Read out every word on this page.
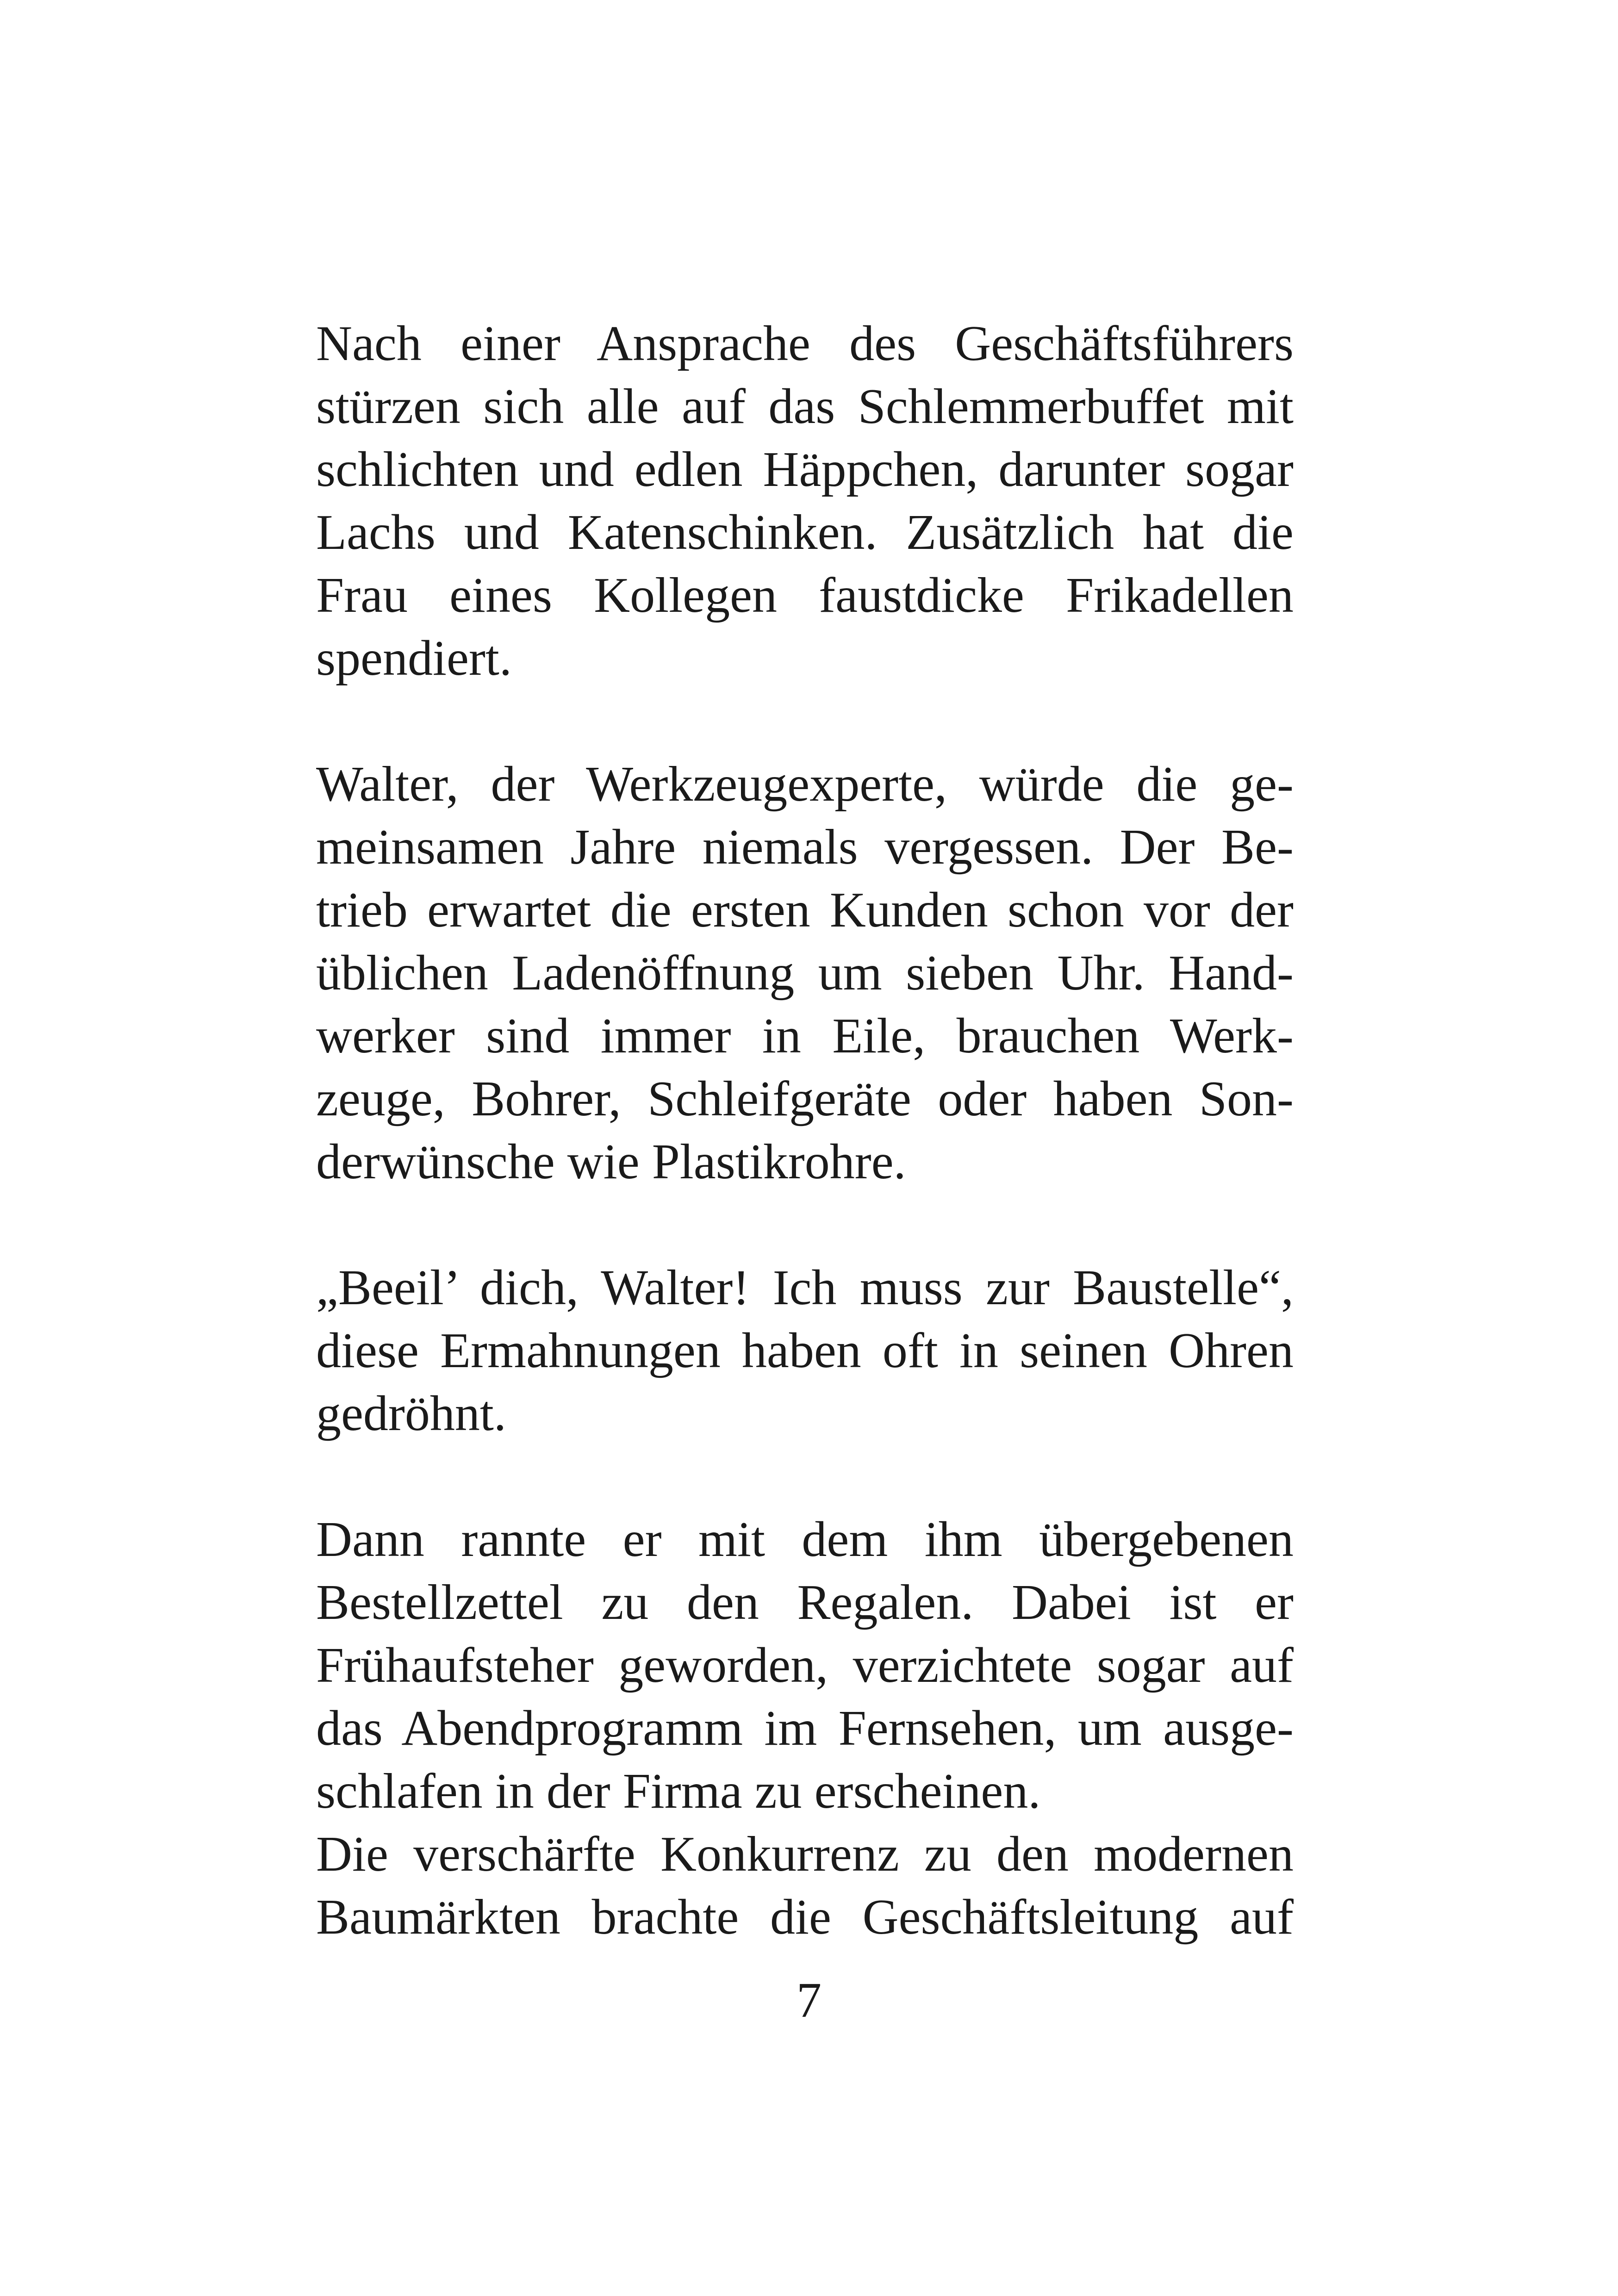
Nach einer Ansprache des Geschäftsführers
stürzen sich alle auf das Schlemmerbuffet mit
schlichten und edlen Häppchen, darunter sogar
Lachs und Katenschinken. Zusätzlich hat die
Frau eines Kollegen faustdicke Frikadellen
spendiert.
Walter, der Werkzeugexperte, würde die ge-
meinsamen Jahre niemals vergessen. Der Be-
trieb erwartet die ersten Kunden schon vor der
üblichen Ladenöffnung um sieben Uhr. Hand-
werker sind immer in Eile, brauchen Werk-
zeuge, Bohrer, Schleifgeräte oder haben Son-
derwünsche wie Plastikrohre.
„Beeil’ dich, Walter! Ich muss zur Baustelle“,
diese Ermahnungen haben oft in seinen Ohren
gedröhnt.
Dann rannte er mit dem ihm übergebenen
Bestellzettel zu den Regalen. Dabei ist er
Frühaufsteher geworden, verzichtete sogar auf
das Abendprogramm im Fernsehen, um ausge-
schlafen in der Firma zu erscheinen.
Die verschärfte Konkurrenz zu den modernen
Baumärkten brachte die Geschäftsleitung auf
7
